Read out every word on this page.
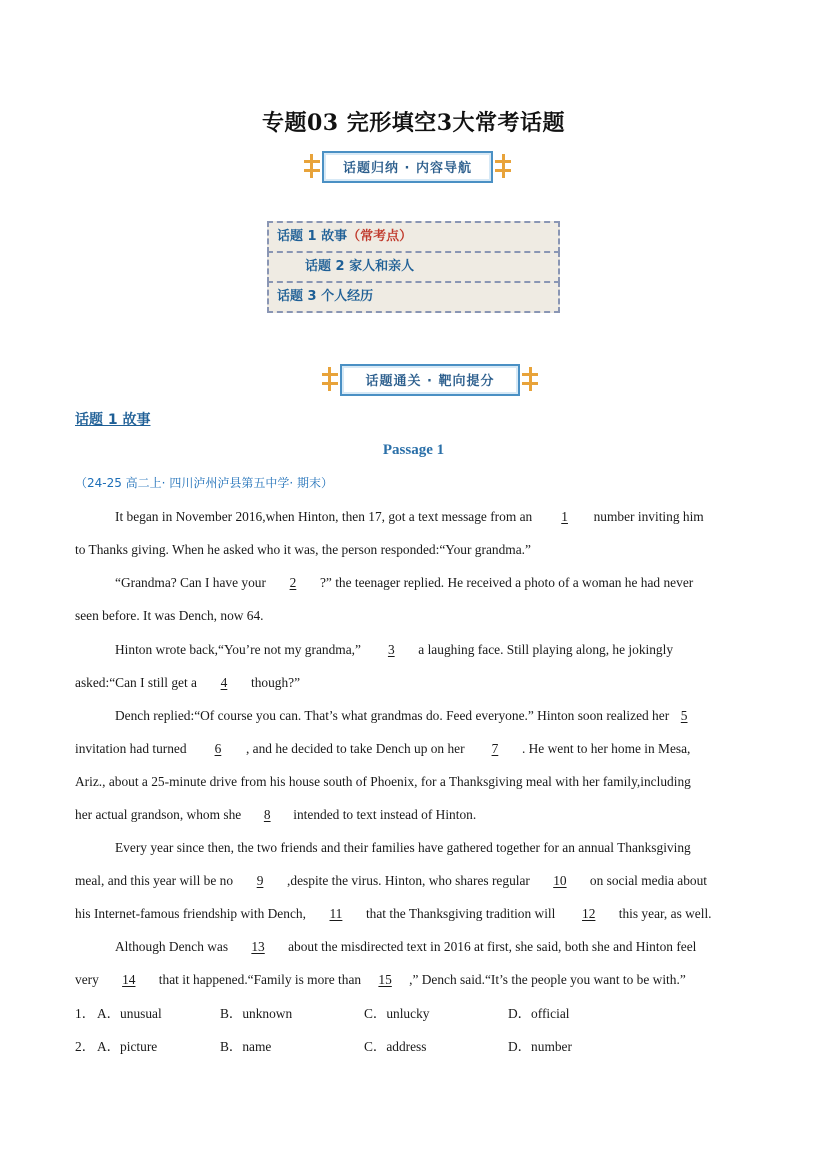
专题03 完形填空3大常考话题
话题归纳 · 内容导航
话题 1 故事（常考点）
话题 2 家人和亲人
话题 3 个人经历
话题通关 · 靶向提分
话题 1 故事
Passage 1
（24-25 高二上· 四川泸州泸县第五中学· 期末）
It began in November 2016,when Hinton, then 17, got a text message from an 1 number inviting him
to Thanks giving. When he asked who it was, the person responded:“Your grandma.”
“Grandma? Can I have your 2 ?” the teenager replied. He received a photo of a woman he had never
seen before. It was Dench, now 64.
Hinton wrote back,“You’re not my grandma,” 3 a laughing face. Still playing along, he jokingly
asked:“Can I still get a 4 though?”
Dench replied:“Of course you can. That’s what grandmas do. Feed everyone.” Hinton soon realized her 5
invitation had turned 6 , and he decided to take Dench up on her 7 . He went to her home in Mesa,
Ariz., about a 25-minute drive from his house south of Phoenix, for a Thanksgiving meal with her family,including
her actual grandson, whom she 8 intended to text instead of Hinton.
Every year since then, the two friends and their families have gathered together for an annual Thanksgiving
meal, and this year will be no 9 ,despite the virus. Hinton, who shares regular 10 on social media about
his Internet-famous friendship with Dench, 11 that the Thanksgiving tradition will 12 this year, as well.
Although Dench was 13 about the misdirected text in 2016 at first, she said, both she and Hinton feel
very 14 that it happened.“Family is more than 15 ,” Dench said.“It’s the people you want to be with.”
1． A．unusual	B．unknown	C．unlucky	D．official
2． A．picture	B．name	C．address	D．number
